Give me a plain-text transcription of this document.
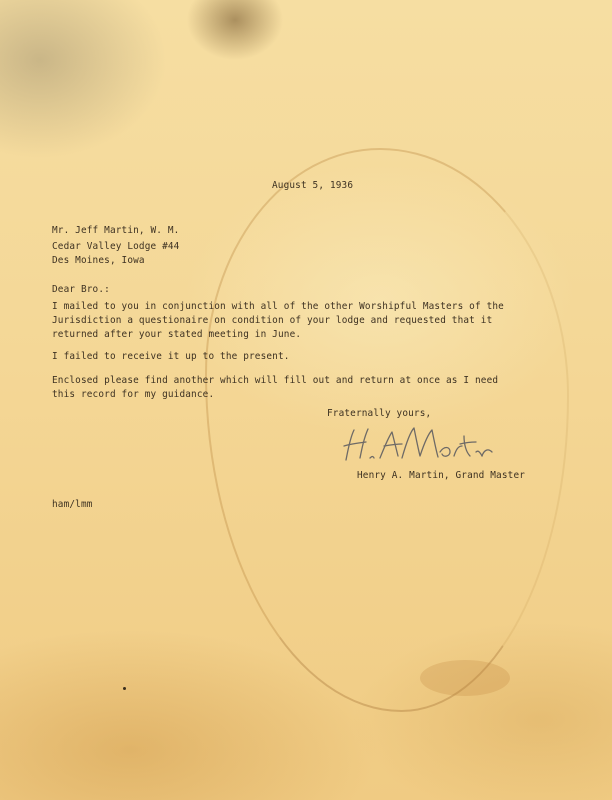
August 5, 1936

Mr. Jeff Martin, W. M.

Cedar Valley Lodge #44

Des Moines, Iowa

Dear Bro.:

I mailed to you in conjunction with all of the other Worshipful Masters of the

Jurisdiction a questionaire on condition of your lodge and requested that it

returned after your stated meeting in June.

I failed to receive it up to the present.

Enclosed please find another which will fill out and return at once as I need

this record for my guidance.

Fraternally yours,

Henry A. Martin, Grand Master

ham/lmm
